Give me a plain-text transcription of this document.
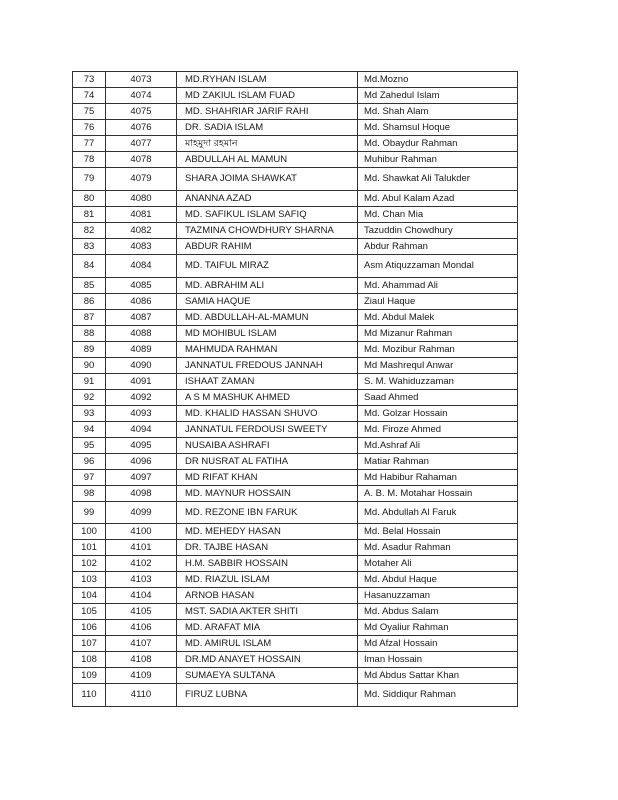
73	4073	MD.RYHAN ISLAM	Md.Mozno
74	4074	MD ZAKIUL ISLAM FUAD	Md Zahedul Islam
75	4075	MD. SHAHRIAR JARIF RAHI	Md. Shah Alam
76	4076	DR. SADIA ISLAM	Md. Shamsul Hoque
77	4077	মাহমুদা রহমান	Md. Obaydur Rahman
78	4078	ABDULLAH AL MAMUN	Muhibur Rahman
79	4079	SHARA JOIMA SHAWKAT	Md. Shawkat Ali Talukder
80	4080	ANANNA AZAD	Md. Abul Kalam Azad
81	4081	MD. SAFIKUL ISLAM SAFIQ	Md. Chan Mia
82	4082	TAZMINA CHOWDHURY SHARNA	Tazuddin Chowdhury
83	4083	ABDUR RAHIM	Abdur Rahman
84	4084	MD. TAIFUL MIRAZ	Asm Atiquzzaman Mondal
85	4085	MD. ABRAHIM ALI	Md. Ahammad Ali
86	4086	SAMIA HAQUE	Ziaul Haque
87	4087	MD. ABDULLAH-AL-MAMUN	Md. Abdul Malek
88	4088	MD MOHIBUL ISLAM	Md Mizanur Rahman
89	4089	MAHMUDA RAHMAN	Md. Mozibur Rahman
90	4090	JANNATUL FREDOUS JANNAH	Md Mashrequl Anwar
91	4091	ISHAAT ZAMAN	S. M. Wahiduzzaman
92	4092	A S M MASHUK AHMED	Saad Ahmed
93	4093	MD. KHALID HASSAN SHUVO	Md. Golzar Hossain
94	4094	JANNATUL FERDOUSI SWEETY	Md. Firoze Ahmed
95	4095	NUSAIBA ASHRAFI	Md.Ashraf Ali
96	4096	DR NUSRAT AL FATIHA	Matiar Rahman
97	4097	MD RIFAT KHAN	Md Habibur Rahaman
98	4098	MD. MAYNUR HOSSAIN	A. B. M. Motahar Hossain
99	4099	MD. REZONE IBN FARUK	Md. Abdullah Al Faruk
100	4100	MD. MEHEDY HASAN	Md. Belal Hossain
101	4101	DR. TAJBE HASAN	Md. Asadur Rahman
102	4102	H.M. SABBIR HOSSAIN	Motaher Ali
103	4103	MD. RIAZUL ISLAM	Md. Abdul Haque
104	4104	ARNOB HASAN	Hasanuzzaman
105	4105	MST. SADIA AKTER SHITI	Md. Abdus Salam
106	4106	MD. ARAFAT MIA	Md Oyaliur Rahman
107	4107	MD. AMIRUL ISLAM	Md Afzal Hossain
108	4108	DR.MD ANAYET HOSSAIN	Iman Hossain
109	4109	SUMAEYA SULTANA	Md Abdus Sattar Khan
110	4110	FIRUZ LUBNA	Md. Siddiqur Rahman
